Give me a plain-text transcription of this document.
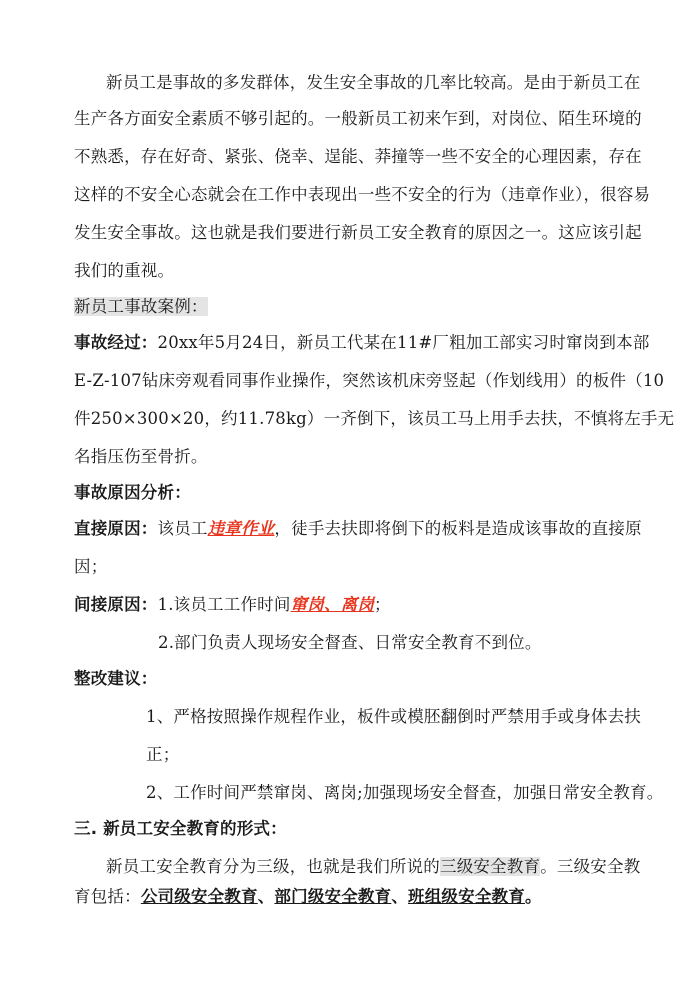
新员工是事故的多发群体，发生安全事故的几率比较高。是由于新员工在
生产各方面安全素质不够引起的。一般新员工初来乍到，对岗位、陌生环境的
不熟悉，存在好奇、紧张、侥幸、逞能、莽撞等一些不安全的心理因素，存在
这样的不安全心态就会在工作中表现出一些不安全的行为（违章作业），很容易
发生安全事故。这也就是我们要进行新员工安全教育的原因之一。这应该引起
我们的重视。
新员工事故案例：
事故经过：20xx年5月24日，新员工代某在11#厂粗加工部实习时窜岗到本部
E-Z-107钻床旁观看同事作业操作，突然该机床旁竖起（作划线用）的板件（10
件250×300×20，约11.78kg）一齐倒下，该员工马上用手去扶，不慎将左手无
名指压伤至骨折。
事故原因分析：
直接原因：该员工违章作业，徒手去扶即将倒下的板料是造成该事故的直接原
因；
间接原因：1.该员工工作时间窜岗、离岗；
2.部门负责人现场安全督查、日常安全教育不到位。
整改建议：
1、严格按照操作规程作业，板件或模胚翻倒时严禁用手或身体去扶
正；
2、工作时间严禁窜岗、离岗;加强现场安全督查，加强日常安全教育。
三. 新员工安全教育的形式：
新员工安全教育分为三级，也就是我们所说的三级安全教育。三级安全教
育包括：公司级安全教育、部门级安全教育、班组级安全教育。
